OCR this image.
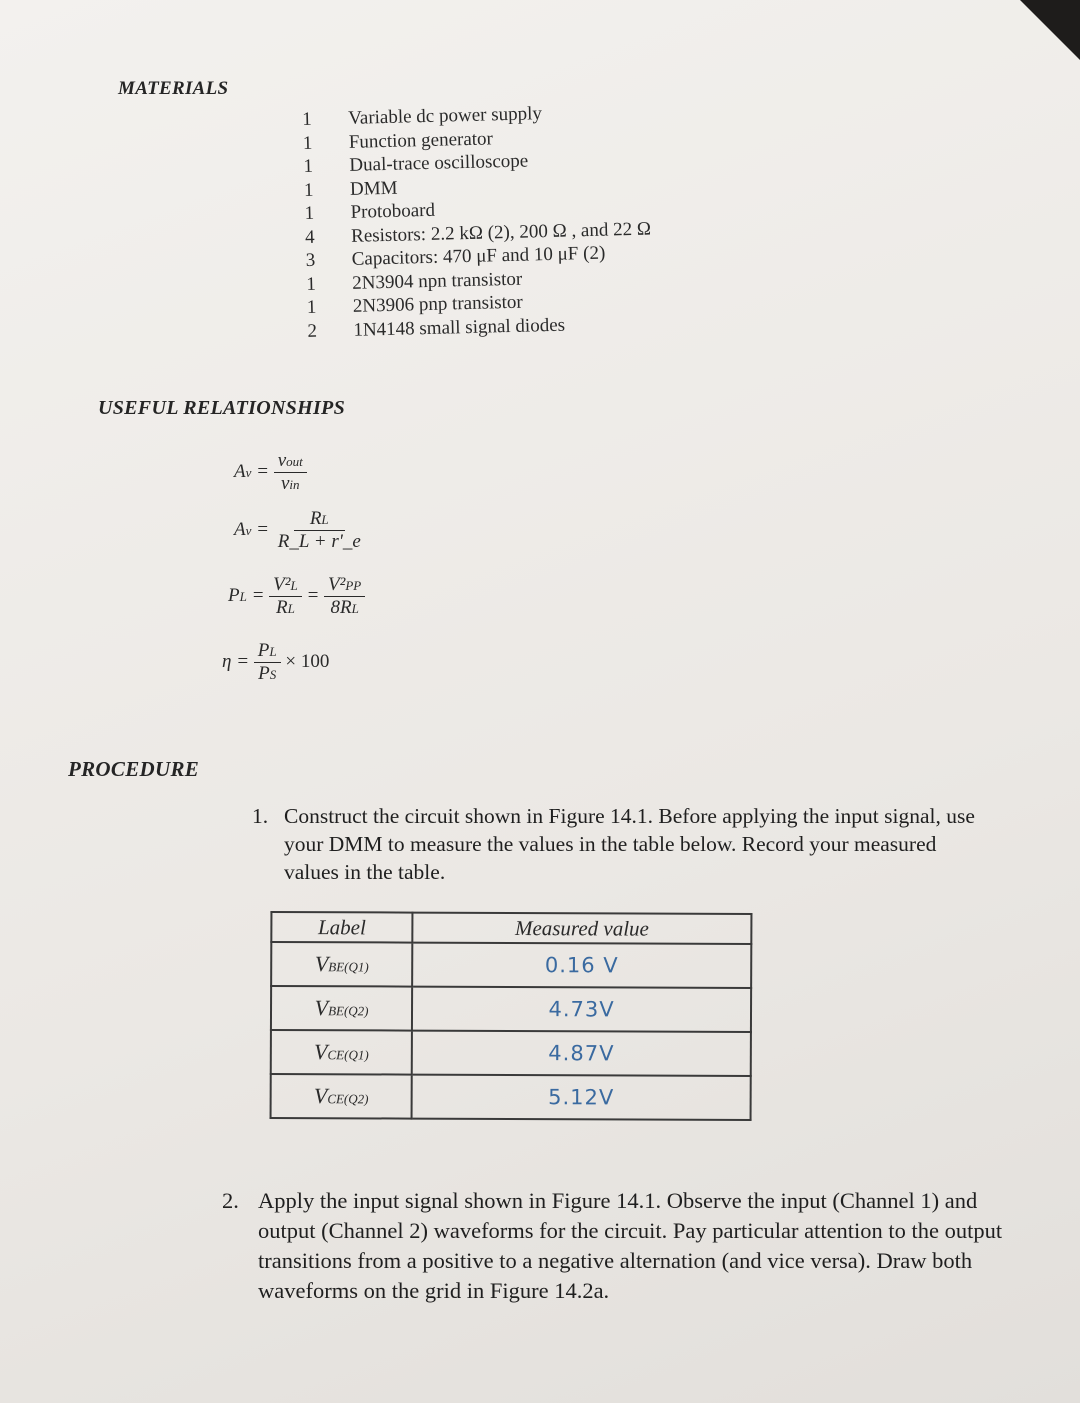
MATERIALS
1	Variable dc power supply
1	Function generator
1	Dual-trace oscilloscope
1	DMM
1	Protoboard
4	Resistors: 2.2 kΩ (2), 200 Ω , and 22 Ω
3	Capacitors: 470 μF and 10 μF (2)
1	2N3904 npn transistor
1	2N3906 pnp transistor
2	1N4148 small signal diodes
USEFUL RELATIONSHIPS
$Av = \frac{\text{vout}}{\text{vin}}$
$Av = \frac{RL}{R\_L + r'\_e}$
PL = $\frac{\text{V²L}}{RL} = \frac{\text{V²PP}}{8RL}$
$\eta = \frac{PL}{PS} \times 100$
PROCEDURE
1. Construct the circuit shown in Figure 14.1. Before applying the input signal, use your DMM to measure the values in the table below. Record your measured values in the table.
Label	Measured value
VBE(Q1)	0.16 V
VBE(Q2)	4.73V
VCE(Q1)	4.87V
VCE(Q2)	5.12V
2. Apply the input signal shown in Figure 14.1. Observe the input (Channel 1) and output (Channel 2) waveforms for the circuit. Pay particular attention to the output transitions from a positive to a negative alternation (and vice versa). Draw both waveforms on the grid in Figure 14.2a.
